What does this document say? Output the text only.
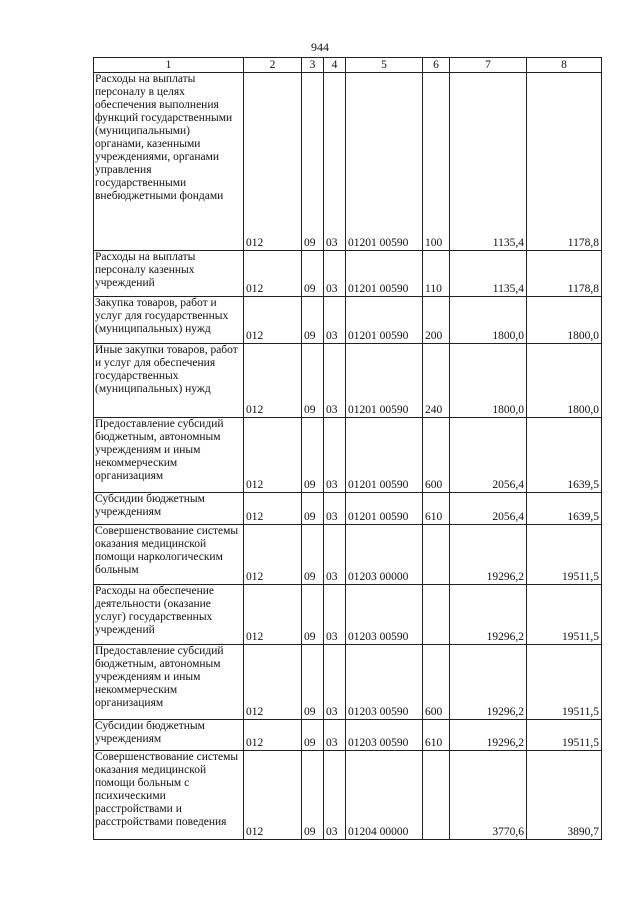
944
1	2	3	4	5	6	7	8
Расходы на выплаты персоналу в целях обеспечения выполнения функций государственными (муниципальными) органами, казенными учреждениями, органами управления государственными внебюджетными фондами	012	09	03	01201 00590	100	1135,4	1178,8
Расходы на выплаты персоналу казенных учреждений	012	09	03	01201 00590	110	1135,4	1178,8
Закупка товаров, работ и услуг для государственных (муниципальных) нужд	012	09	03	01201 00590	200	1800,0	1800,0
Иные закупки товаров, работ и услуг для обеспечения государственных (муниципальных) нужд	012	09	03	01201 00590	240	1800,0	1800,0
Предоставление субсидий бюджетным, автономным учреждениям и иным некоммерческим организациям	012	09	03	01201 00590	600	2056,4	1639,5
Субсидии бюджетным учреждениям	012	09	03	01201 00590	610	2056,4	1639,5
Совершенствование системы оказания медицинской помощи наркологическим больным	012	09	03	01203 00000		19296,2	19511,5
Расходы на обеспечение деятельности (оказание услуг) государственных учреждений	012	09	03	01203 00590		19296,2	19511,5
Предоставление субсидий бюджетным, автономным учреждениям и иным некоммерческим организациям	012	09	03	01203 00590	600	19296,2	19511,5
Субсидии бюджетным учреждениям	012	09	03	01203 00590	610	19296,2	19511,5
Совершенствование системы оказания медицинской помощи больным с психическими расстройствами и расстройствами поведения	012	09	03	01204 00000		3770,6	3890,7
